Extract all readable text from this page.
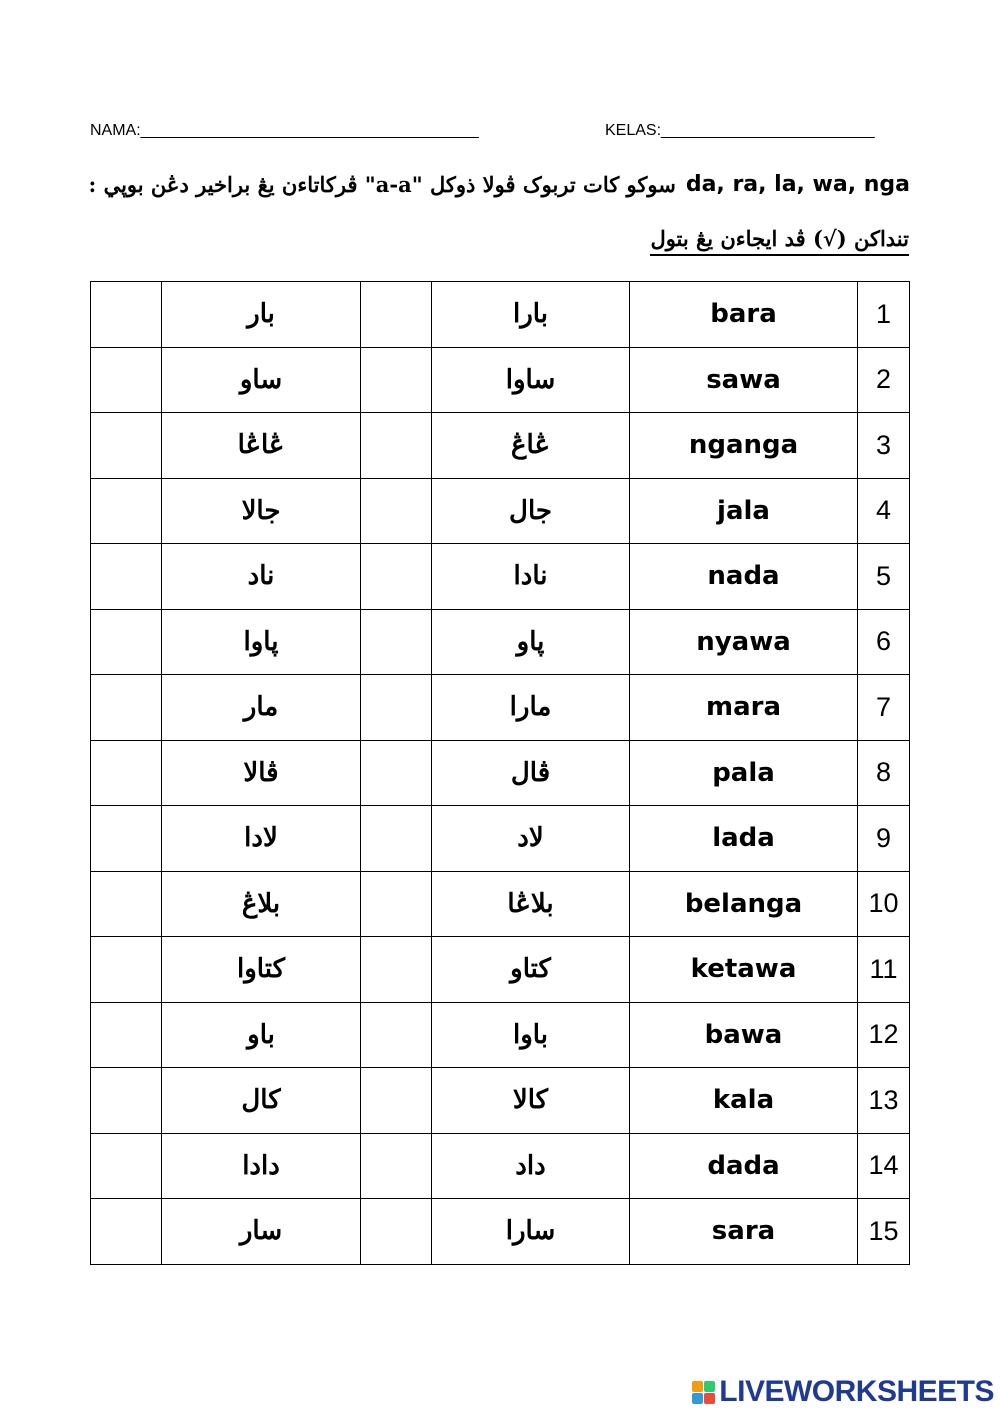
NAMA:______________________________________	KELAS:________________________
سوكو كات تربوک ڤولا ذوكل "a-a" ڤركاتاءن يڠ براخير دڠن بوڽي : da, ra, la, wa, nga
تنداكن (√) ڤد ايجاءن يڠ بتول
	بار		بارا	bara	1
	ساو		ساوا	sawa	2
	ڠاڠا		ڠاڠ	nganga	3
	جالا		جال	jala	4
	ناد		نادا	nada	5
	ڽاوا		ڽاو	nyawa	6
	مار		مارا	mara	7
	ڤالا		ڤال	pala	8
	لادا		لاد	lada	9
	بلاڠ		بلاڠا	belanga	10
	كتاوا		كتاو	ketawa	11
	باو		باوا	bawa	12
	كال		كالا	kala	13
	دادا		داد	dada	14
	سار		سارا	sara	15
LIVEWORKSHEETS
